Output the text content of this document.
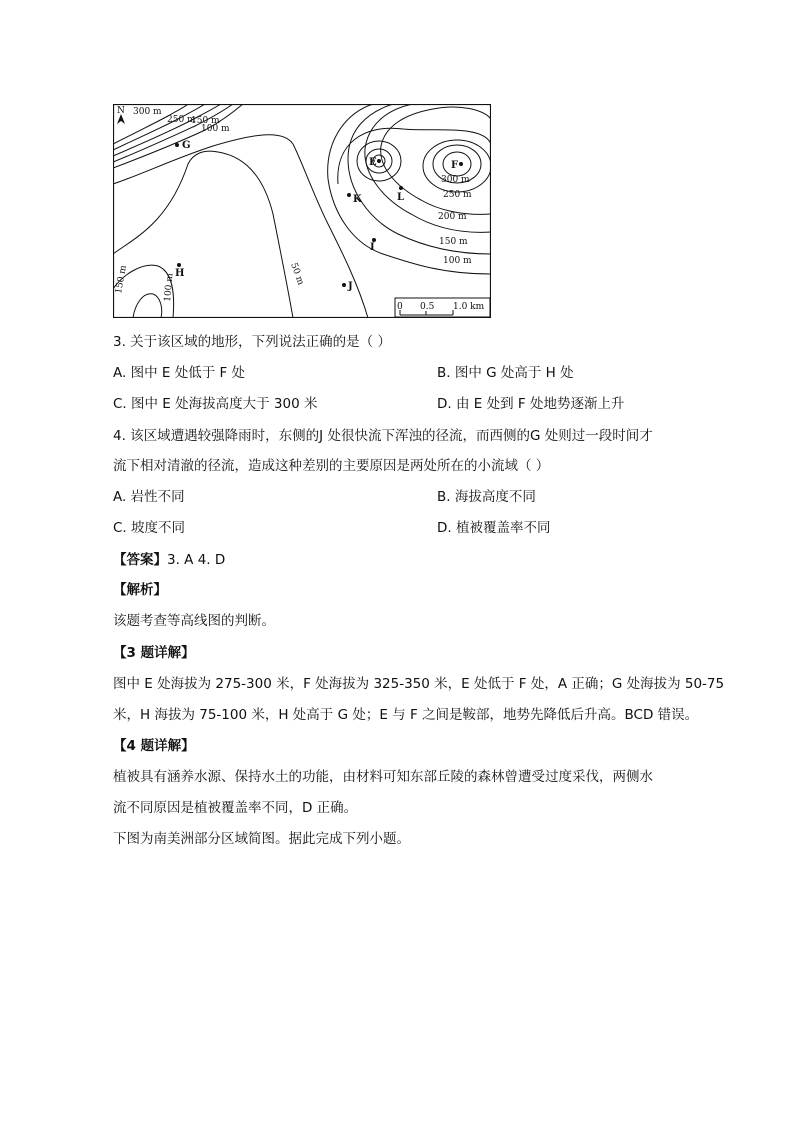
0 0.5 1.0 km
N 300 m
250 m
150 m
100 m
50 m
150 m	100 m
300 m
250 m
200 m
150 m
100 m
G
E	F
K	L
I
H
J
3. 关于该区域的地形，下列说法正确的是（ ）
A. 图中 E 处低于 F 处	B. 图中 G 处高于 H 处
C. 图中 E 处海拔高度大于 300 米	D. 由 E 处到 F 处地势逐渐上升
4. 该区域遭遇较强降雨时，东侧的J 处很快流下浑浊的径流，而西侧的G 处则过一段时间才
流下相对清澈的径流，造成这种差别的主要原因是两处所在的小流域（ ）
A. 岩性不同	B. 海拔高度不同
C. 坡度不同	D. 植被覆盖率不同
【答案】3. A 4. D
【解析】
该题考查等高线图的判断。
【3 题详解】
图中 E 处海拔为 275-300 米，F 处海拔为 325-350 米，E 处低于 F 处，A 正确；G 处海拔为 50-75
米，H 海拔为 75-100 米，H 处高于 G 处；E 与 F 之间是鞍部，地势先降低后升高。BCD 错误。
【4 题详解】
植被具有涵养水源、保持水土的功能，由材料可知东部丘陵的森林曾遭受过度采伐，两侧水
流不同原因是植被覆盖率不同，D 正确。
下图为南美洲部分区域简图。据此完成下列小题。
